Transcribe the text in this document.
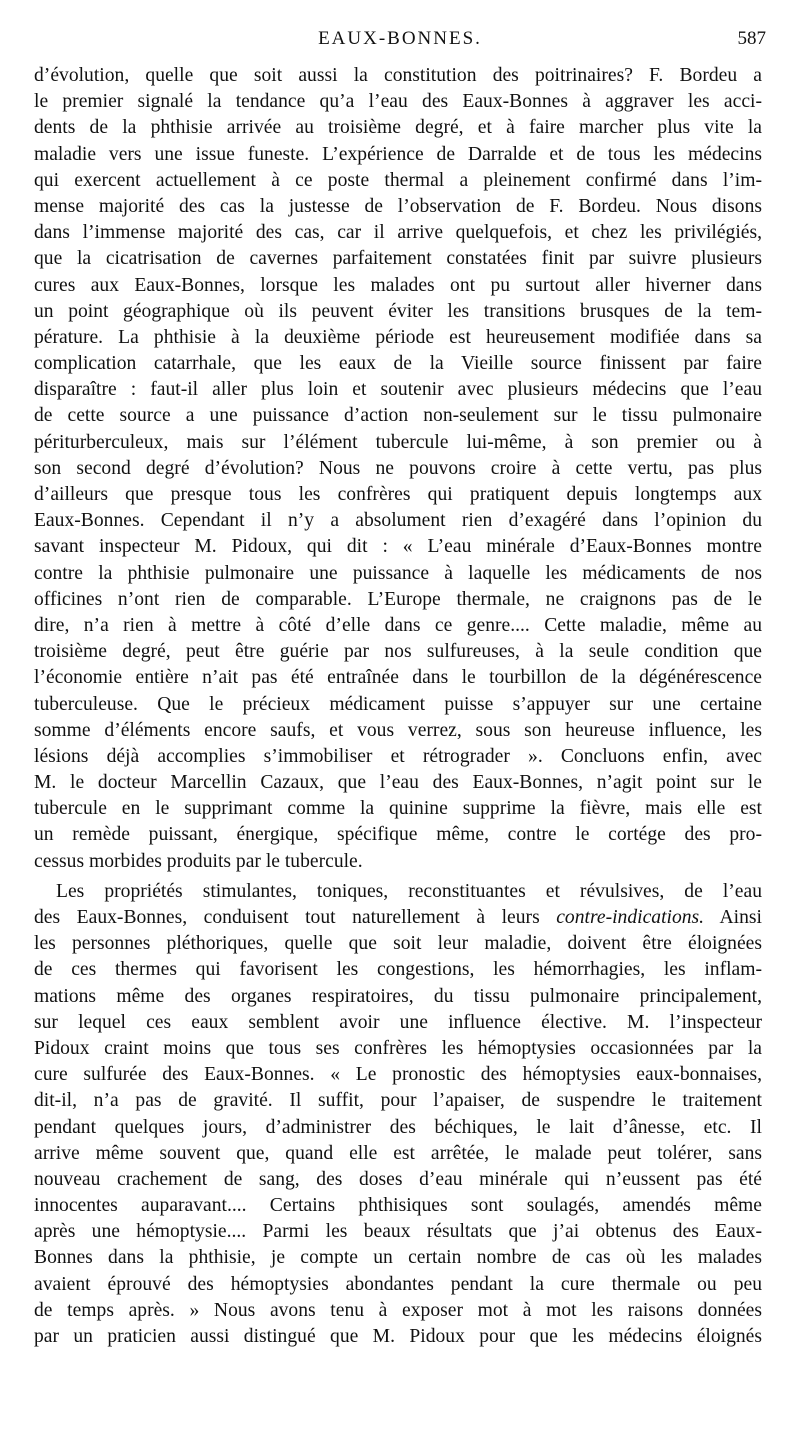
EAUX-BONNES.	587
d’évolution, quelle que soit aussi la constitution des poitrinaires? F. Bordeu a
le premier signalé la tendance qu’a l’eau des Eaux-Bonnes à aggraver les acci-
dents de la phthisie arrivée au troisième degré, et à faire marcher plus vite la
maladie vers une issue funeste. L’expérience de Darralde et de tous les médecins
qui exercent actuellement à ce poste thermal a pleinement confirmé dans l’im-
mense majorité des cas la justesse de l’observation de F. Bordeu. Nous disons
dans l’immense majorité des cas, car il arrive quelquefois, et chez les privilégiés,
que la cicatrisation de cavernes parfaitement constatées finit par suivre plusieurs
cures aux Eaux-Bonnes, lorsque les malades ont pu surtout aller hiverner dans
un point géographique où ils peuvent éviter les transitions brusques de la tem-
pérature. La phthisie à la deuxième période est heureusement modifiée dans sa
complication catarrhale, que les eaux de la Vieille source finissent par faire
disparaître : faut-il aller plus loin et soutenir avec plusieurs médecins que l’eau
de cette source a une puissance d’action non-seulement sur le tissu pulmonaire
périturberculeux, mais sur l’élément tubercule lui-même, à son premier ou à
son second degré d’évolution? Nous ne pouvons croire à cette vertu, pas plus
d’ailleurs que presque tous les confrères qui pratiquent depuis longtemps aux
Eaux-Bonnes. Cependant il n’y a absolument rien d’exagéré dans l’opinion du
savant inspecteur M. Pidoux, qui dit : « L’eau minérale d’Eaux-Bonnes montre
contre la phthisie pulmonaire une puissance à laquelle les médicaments de nos
officines n’ont rien de comparable. L’Europe thermale, ne craignons pas de le
dire, n’a rien à mettre à côté d’elle dans ce genre.... Cette maladie, même au
troisième degré, peut être guérie par nos sulfureuses, à la seule condition que
l’économie entière n’ait pas été entraînée dans le tourbillon de la dégénérescence
tuberculeuse. Que le précieux médicament puisse s’appuyer sur une certaine
somme d’éléments encore saufs, et vous verrez, sous son heureuse influence, les
lésions déjà accomplies s’immobiliser et rétrograder ». Concluons enfin, avec
M. le docteur Marcellin Cazaux, que l’eau des Eaux-Bonnes, n’agit point sur le
tubercule en le supprimant comme la quinine supprime la fièvre, mais elle est
un remède puissant, énergique, spécifique même, contre le cortége des pro-
cessus morbides produits par le tubercule.
Les propriétés stimulantes, toniques, reconstituantes et révulsives, de l’eau
des Eaux-Bonnes, conduisent tout naturellement à leurs contre-indications. Ainsi
les personnes pléthoriques, quelle que soit leur maladie, doivent être éloignées
de ces thermes qui favorisent les congestions, les hémorrhagies, les inflam-
mations même des organes respiratoires, du tissu pulmonaire principalement,
sur lequel ces eaux semblent avoir une influence élective. M. l’inspecteur
Pidoux craint moins que tous ses confrères les hémoptysies occasionnées par la
cure sulfurée des Eaux-Bonnes. « Le pronostic des hémoptysies eaux-bonnaises,
dit-il, n’a pas de gravité. Il suffit, pour l’apaiser, de suspendre le traitement
pendant quelques jours, d’administrer des béchiques, le lait d’ânesse, etc. Il
arrive même souvent que, quand elle est arrêtée, le malade peut tolérer, sans
nouveau crachement de sang, des doses d’eau minérale qui n’eussent pas été
innocentes auparavant.... Certains phthisiques sont soulagés, amendés même
après une hémoptysie.... Parmi les beaux résultats que j’ai obtenus des Eaux-
Bonnes dans la phthisie, je compte un certain nombre de cas où les malades
avaient éprouvé des hémoptysies abondantes pendant la cure thermale ou peu
de temps après. » Nous avons tenu à exposer mot à mot les raisons données
par un praticien aussi distingué que M. Pidoux pour que les médecins éloignés
